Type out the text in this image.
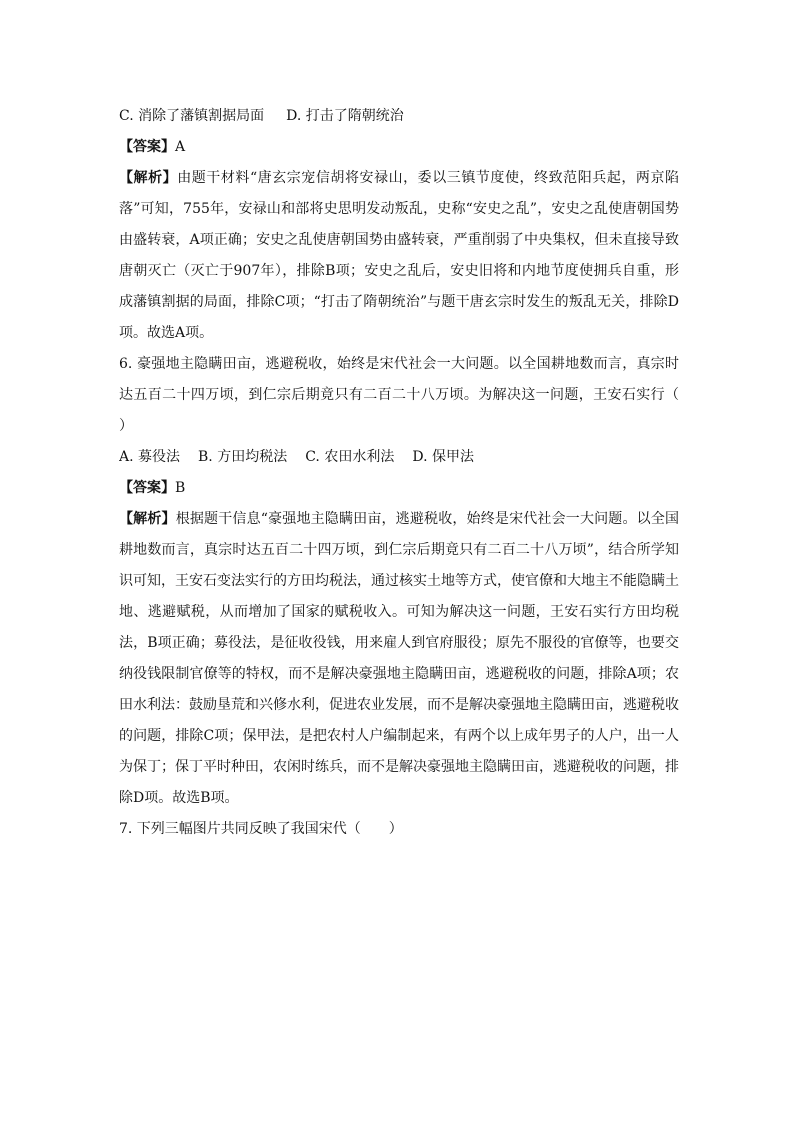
C. 消除了藩镇割据局面 D. 打击了隋朝统治
【答案】A
【解析】由题干材料“唐玄宗宠信胡将安禄山，委以三镇节度使，终致范阳兵起，两京陷落”可知，755年，安禄山和部将史思明发动叛乱，史称“安史之乱”，安史之乱使唐朝国势由盛转衰，A项正确；安史之乱使唐朝国势由盛转衰，严重削弱了中央集权，但未直接导致唐朝灭亡（灭亡于907年），排除B项；安史之乱后，安史旧将和内地节度使拥兵自重，形成藩镇割据的局面，排除C项；“打击了隋朝统治”与题干唐玄宗时发生的叛乱无关，排除D项。故选A项。
6. 豪强地主隐瞒田亩，逃避税收，始终是宋代社会一大问题。以全国耕地数而言，真宗时达五百二十四万顷，到仁宗后期竟只有二百二十八万顷。为解决这一问题，王安石实行（　　）
A. 募役法 B. 方田均税法 C. 农田水利法 D. 保甲法
【答案】B
【解析】根据题干信息“豪强地主隐瞒田亩，逃避税收，始终是宋代社会一大问题。以全国耕地数而言，真宗时达五百二十四万顷，到仁宗后期竟只有二百二十八万顷”，结合所学知识可知，王安石变法实行的方田均税法，通过核实土地等方式，使官僚和大地主不能隐瞒土地、逃避赋税，从而增加了国家的赋税收入。可知为解决这一问题，王安石实行方田均税法，B项正确；募役法，是征收役钱，用来雇人到官府服役；原先不服役的官僚等，也要交纳役钱限制官僚等的特权，而不是解决豪强地主隐瞒田亩，逃避税收的问题，排除A项；农田水利法：鼓励垦荒和兴修水利，促进农业发展，而不是解决豪强地主隐瞒田亩，逃避税收的问题，排除C项；保甲法，是把农村人户编制起来，有两个以上成年男子的人户，出一人为保丁；保丁平时种田，农闲时练兵，而不是解决豪强地主隐瞒田亩，逃避税收的问题，排除D项。故选B项。
7. 下列三幅图片共同反映了我国宋代（　　）
